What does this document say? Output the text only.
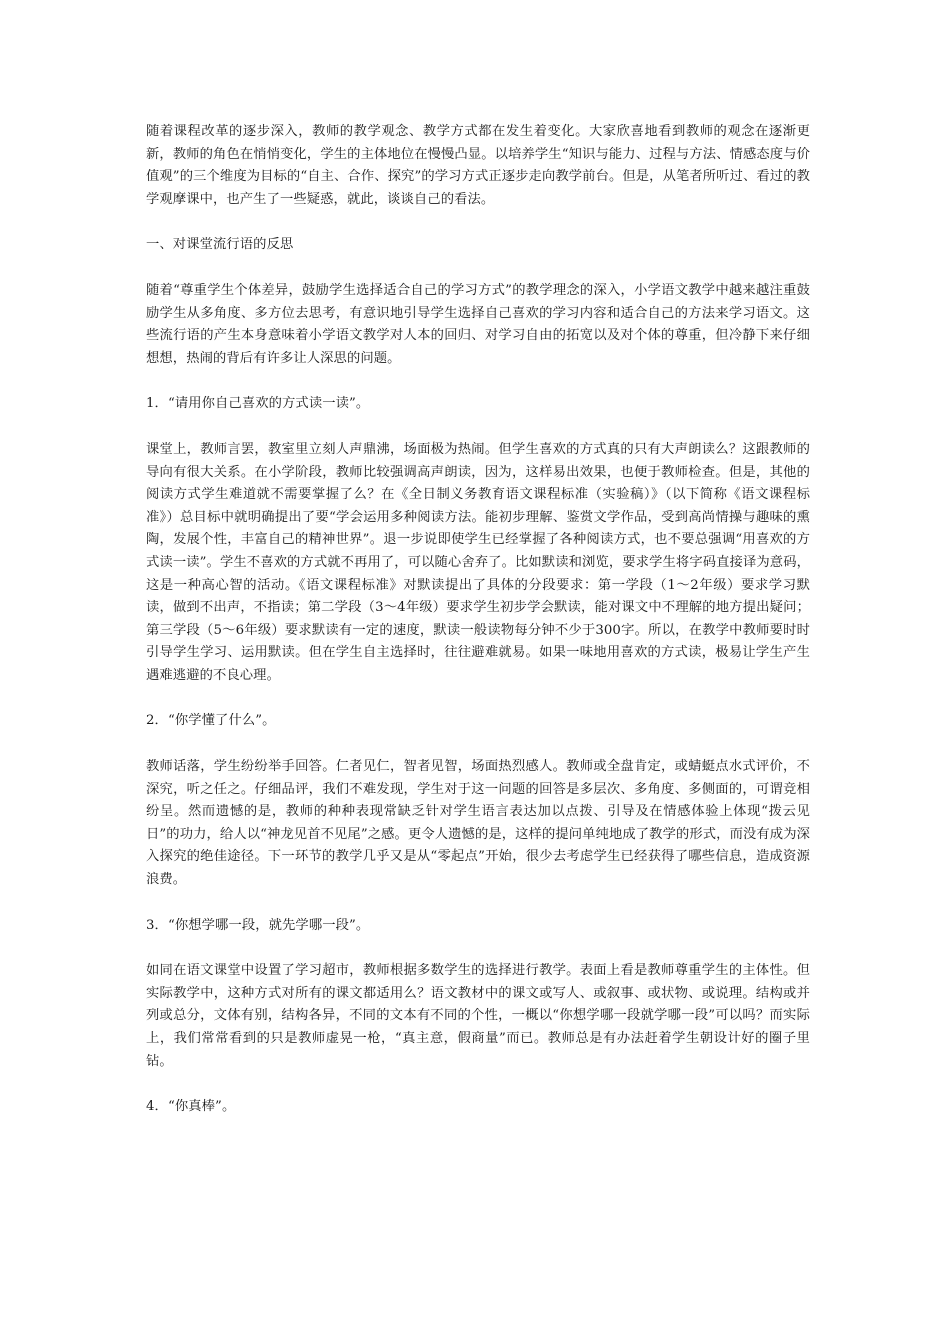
随着课程改革的逐步深入，教师的教学观念、教学方式都在发生着变化。大家欣喜地看到教师的观念在逐渐更新，教师的角色在悄悄变化，学生的主体地位在慢慢凸显。以培养学生“知识与能力、过程与方法、情感态度与价值观”的三个维度为目标的“自主、合作、探究”的学习方式正逐步走向教学前台。但是，从笔者所听过、看过的教学观摩课中，也产生了一些疑惑，就此，谈谈自己的看法。

一、对课堂流行语的反思

随着“尊重学生个体差异，鼓励学生选择适合自己的学习方式”的教学理念的深入，小学语文教学中越来越注重鼓励学生从多角度、多方位去思考，有意识地引导学生选择自己喜欢的学习内容和适合自己的方法来学习语文。这些流行语的产生本身意味着小学语文教学对人本的回归、对学习自由的拓宽以及对个体的尊重，但冷静下来仔细想想，热闹的背后有许多让人深思的问题。

1．“请用你自己喜欢的方式读一读”。

课堂上，教师言罢，教室里立刻人声鼎沸，场面极为热闹。但学生喜欢的方式真的只有大声朗读么？这跟教师的导向有很大关系。在小学阶段，教师比较强调高声朗读，因为，这样易出效果，也便于教师检查。但是，其他的阅读方式学生难道就不需要掌握了么？在《全日制义务教育语文课程标准（实验稿）》（以下简称《语文课程标准》）总目标中就明确提出了要“学会运用多种阅读方法。能初步理解、鉴赏文学作品，受到高尚情操与趣味的熏陶，发展个性，丰富自己的精神世界”。退一步说即使学生已经掌握了各种阅读方式，也不要总强调“用喜欢的方式读一读”。学生不喜欢的方式就不再用了，可以随心舍弃了。比如默读和浏览，要求学生将字码直接译为意码，这是一种高心智的活动。《语文课程标准》对默读提出了具体的分段要求：第一学段（1～2年级）要求学习默读，做到不出声，不指读；第二学段（3～4年级）要求学生初步学会默读，能对课文中不理解的地方提出疑问；第三学段（5～6年级）要求默读有一定的速度，默读一般读物每分钟不少于300字。所以，在教学中教师要时时引导学生学习、运用默读。但在学生自主选择时，往往避难就易。如果一味地用喜欢的方式读，极易让学生产生遇难逃避的不良心理。

2．“你学懂了什么”。

教师话落，学生纷纷举手回答。仁者见仁，智者见智，场面热烈感人。教师或全盘肯定，或蜻蜓点水式评价，不深究，听之任之。仔细品评，我们不难发现，学生对于这一问题的回答是多层次、多角度、多侧面的，可谓竞相纷呈。然而遗憾的是，教师的种种表现常缺乏针对学生语言表达加以点拨、引导及在情感体验上体现“拨云见日”的功力，给人以“神龙见首不见尾”之感。更令人遗憾的是，这样的提问单纯地成了教学的形式，而没有成为深入探究的绝佳途径。下一环节的教学几乎又是从“零起点”开始，很少去考虑学生已经获得了哪些信息，造成资源浪费。

3．“你想学哪一段，就先学哪一段”。

如同在语文课堂中设置了学习超市，教师根据多数学生的选择进行教学。表面上看是教师尊重学生的主体性。但实际教学中，这种方式对所有的课文都适用么？语文教材中的课文或写人、或叙事、或状物、或说理。结构或并列或总分，文体有别，结构各异，不同的文本有不同的个性，一概以“你想学哪一段就学哪一段”可以吗？而实际上，我们常常看到的只是教师虚晃一枪，“真主意，假商量”而已。教师总是有办法赶着学生朝设计好的圈子里钻。

4．“你真棒”。
